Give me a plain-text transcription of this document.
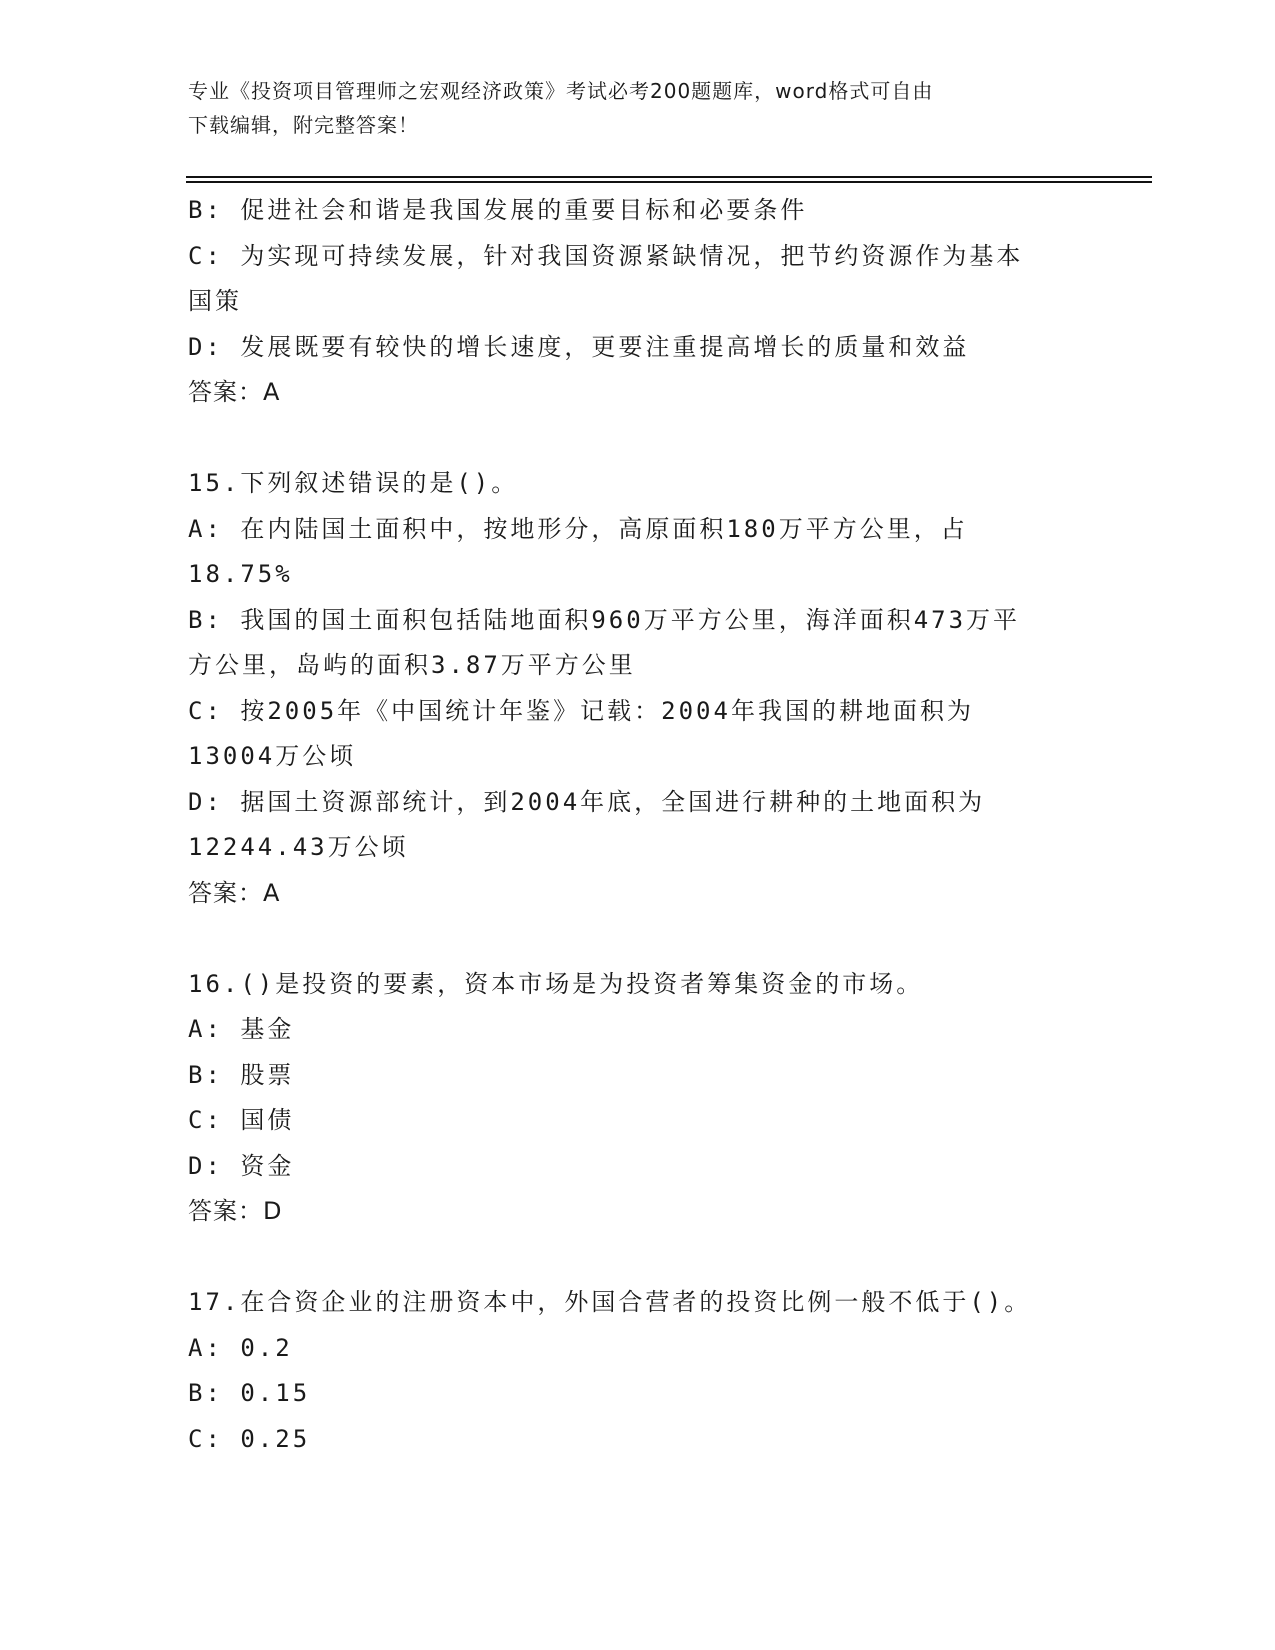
专业《投资项目管理师之宏观经济政策》考试必考200题题库，word格式可自由
下载编辑，附完整答案！
B: 促进社会和谐是我国发展的重要目标和必要条件
C: 为实现可持续发展，针对我国资源紧缺情况，把节约资源作为基本
国策
D: 发展既要有较快的增长速度，更要注重提高增长的质量和效益
答案：A
15.下列叙述错误的是()。
A: 在内陆国土面积中，按地形分，高原面积180万平方公里，占
18.75%
B: 我国的国土面积包括陆地面积960万平方公里，海洋面积473万平
方公里，岛屿的面积3.87万平方公里
C: 按2005年《中国统计年鉴》记载：2004年我国的耕地面积为
13004万公顷
D: 据国土资源部统计，到2004年底，全国进行耕种的土地面积为
12244.43万公顷
答案：A
16.()是投资的要素，资本市场是为投资者筹集资金的市场。
A: 基金
B: 股票
C: 国债
D: 资金
答案：D
17.在合资企业的注册资本中，外国合营者的投资比例一般不低于()。
A: 0.2
B: 0.15
C: 0.25
